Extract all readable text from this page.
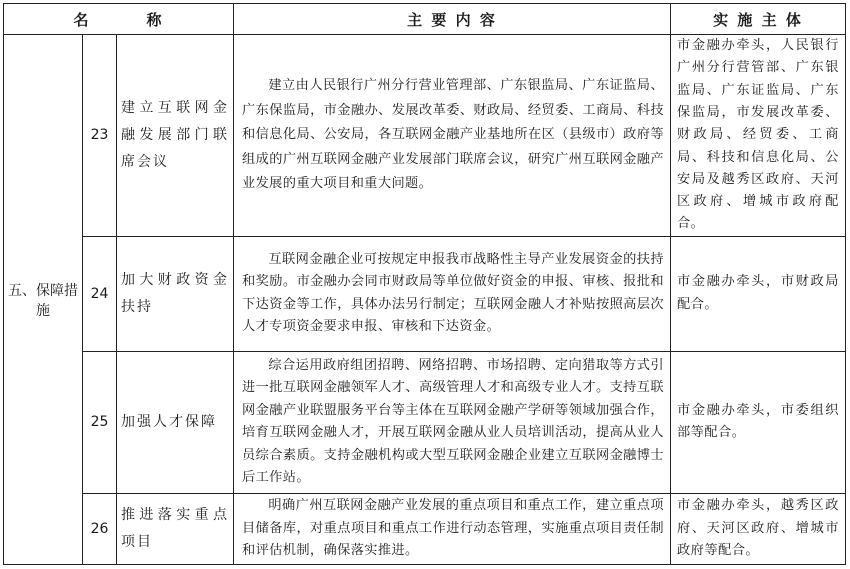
名 称			主 要 内 容	实 施 主 体
五、保障措施	23	建立互联网金融发展部门联席会议	建立由人民银行广州分行营业管理部、广东银监局、广东证监局、广东保监局，市金融办、发展改革委、财政局、经贸委、工商局、科技和信息化局、公安局，各互联网金融产业基地所在区（县级市）政府等组成的广州互联网金融产业发展部门联席会议，研究广州互联网金融产业发展的重大项目和重大问题。	市金融办牵头，人民银行广州分行营管部、广东银监局、广东证监局、广东保监局，市发展改革委、财政局、经贸委、工商局、科技和信息化局、公安局及越秀区政府、天河区政府、增城市政府配合。
	24	加大财政资金扶持	互联网金融企业可按规定申报我市战略性主导产业发展资金的扶持和奖励。市金融办会同市财政局等单位做好资金的申报、审核、报批和下达资金等工作，具体办法另行制定；互联网金融人才补贴按照高层次人才专项资金要求申报、审核和下达资金。	市金融办牵头，市财政局配合。
	25	加强人才保障	综合运用政府组团招聘、网络招聘、市场招聘、定向猎取等方式引进一批互联网金融领军人才、高级管理人才和高级专业人才。支持互联网金融产业联盟服务平台等主体在互联网金融产学研等领域加强合作，培育互联网金融人才，开展互联网金融从业人员培训活动，提高从业人员综合素质。支持金融机构或大型互联网金融企业建立互联网金融博士后工作站。	市金融办牵头，市委组织部等配合。
	26	推进落实重点项目	明确广州互联网金融产业发展的重点项目和重点工作，建立重点项目储备库，对重点项目和重点工作进行动态管理，实施重点项目责任制和评估机制，确保落实推进。	市金融办牵头，越秀区政府、天河区政府、增城市政府等配合。
